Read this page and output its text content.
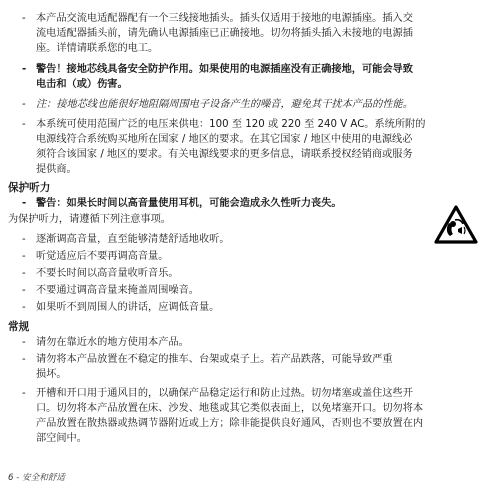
- 本产品交流电适配器配有一个三线接地插头。插头仅适用于接地的电源插座。插入交
流电适配器插头前，请先确认电源插座已正确接地。切勿将插头插入未接地的电源插
座。详情请联系您的电工。
- 警告！接地芯线具备安全防护作用。如果使用的电源插座没有正确接地，可能会导致
电击和（或）伤害。
- 注：接地芯线也能很好地阻隔周围电子设备产生的噪音，避免其干扰本产品的性能。
- 本系统可使用范围广泛的电压来供电：100 至 120 或 220 至 240 V AC。系统所附的
电源线符合系统购买地所在国家 / 地区的要求。在其它国家 / 地区中使用的电源线必
须符合该国家 / 地区的要求。有关电源线要求的更多信息，请联系授权经销商或服务
提供商。
保护听力
- 警告：如果长时间以高音量使用耳机，可能会造成永久性听力丧失。
为保护听力，请遵循下列注意事项。
- 逐渐调高音量，直至能够清楚舒适地收听。
- 听觉适应后不要再调高音量。
- 不要长时间以高音量收听音乐。
- 不要通过调高音量来掩盖周围噪音。
- 如果听不到周围人的讲话，应调低音量。
常规
- 请勿在靠近水的地方使用本产品。
- 请勿将本产品放置在不稳定的推车、台架或桌子上。若产品跌落，可能导致严重
损坏。
- 开槽和开口用于通风目的，以确保产品稳定运行和防止过热。切勿堵塞或盖住这些开
口。切勿将本产品放置在床、沙发、地毯或其它类似表面上，以免堵塞开口。切勿将本
产品放置在散热器或热调节器附近或上方；除非能提供良好通风，否则也不要放置在内
部空间中。
6 - 安全和舒适
